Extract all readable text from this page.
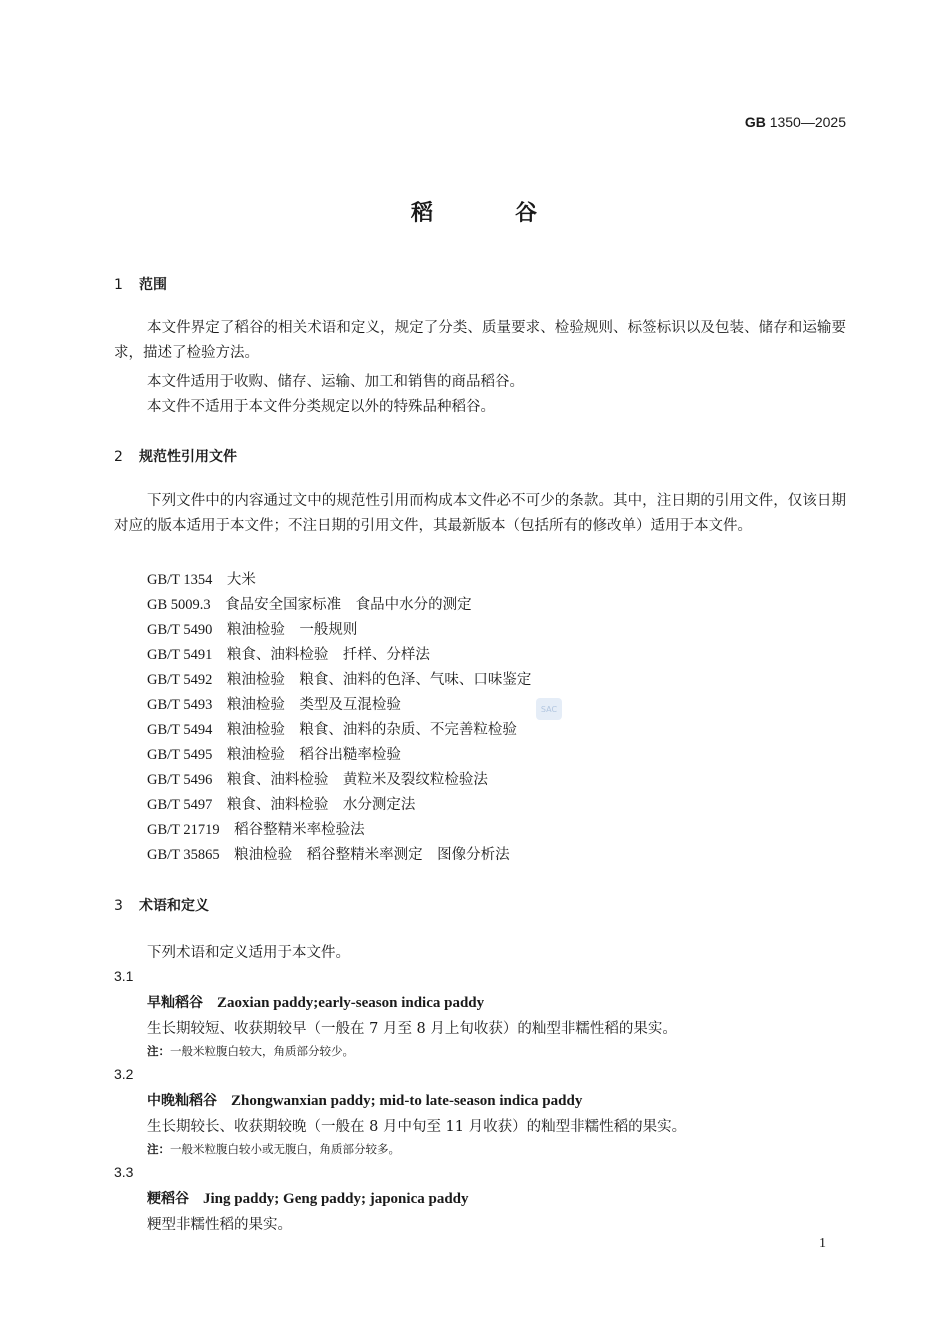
GB 1350—2025
稻	谷
1 范围

本文件界定了稻谷的相关术语和定义，规定了分类、质量要求、检验规则、标签标识以及包装、储存和运输要求，描述了检验方法。

本文件适用于收购、储存、运输、加工和销售的商品稻谷。
本文件不适用于本文件分类规定以外的特殊品种稻谷。
2 规范性引用文件

下列文件中的内容通过文中的规范性引用而构成本文件必不可少的条款。其中，注日期的引用文件，仅该日期对应的版本适用于本文件；不注日期的引用文件，其最新版本（包括所有的修改单）适用于本文件。

GB/T 1354　 大米
GB 5009.3　 食品安全国家标准　食品中水分的测定
GB/T 5490　 粮油检验　一般规则
GB/T 5491　 粮食、油料检验　扦样、分样法
GB/T 5492　 粮油检验　粮食、油料的色泽、气味、口味鉴定
GB/T 5493　 粮油检验　类型及互混检验
GB/T 5494　 粮油检验　粮食、油料的杂质、不完善粒检验
GB/T 5495　 粮油检验　稻谷出糙率检验
GB/T 5496　 粮食、油料检验　黄粒米及裂纹粒检验法
GB/T 5497　 粮食、油料检验　水分测定法
GB/T 21719　 稻谷整精米率检验法
GB/T 35865　 粮油检验　稻谷整精米率测定　图像分析法
SAC
3 术语和定义
下列术语和定义适用于本文件。
3.1
早籼稻谷 Zaoxian paddy;early-season indica paddy
生长期较短、收获期较早（一般在 7 月至 8 月上旬收获）的籼型非糯性稻的果实。
注：一般米粒腹白较大，角质部分较少。
3.2
中晚籼稻谷 Zhongwanxian paddy; mid-to late-season indica paddy
生长期较长、收获期较晚（一般在 8 月中旬至 11 月收获）的籼型非糯性稻的果实。
注：一般米粒腹白较小或无腹白，角质部分较多。
3.3
粳稻谷 Jing paddy; Geng paddy; japonica paddy
粳型非糯性稻的果实。
1
